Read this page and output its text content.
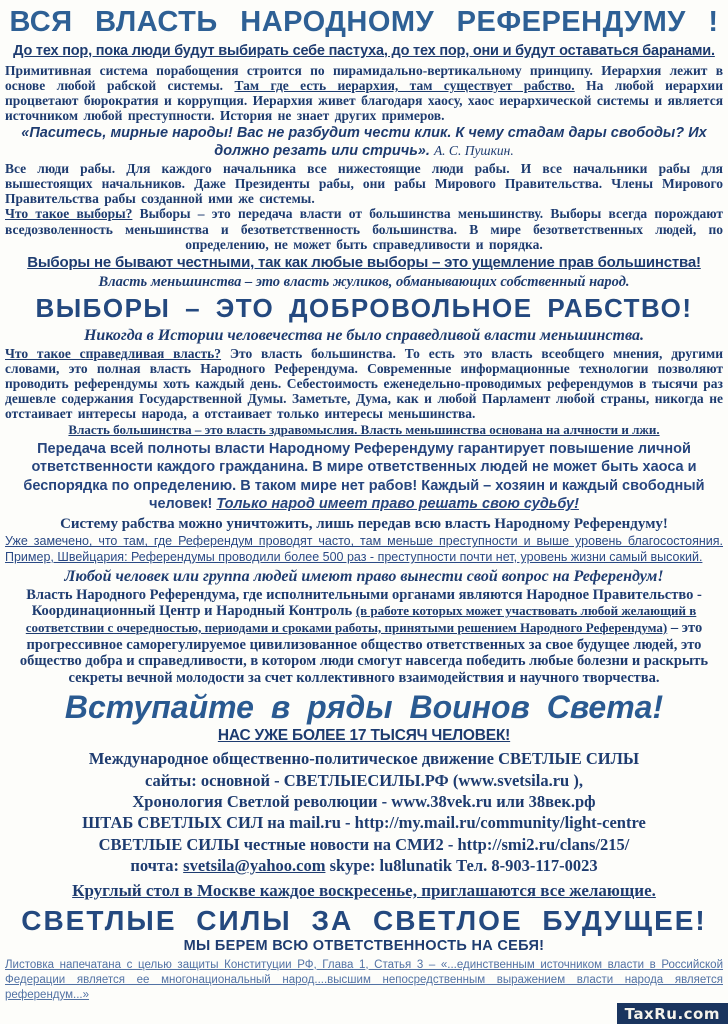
ВСЯ ВЛАСТЬ НАРОДНОМУ РЕФЕРЕНДУМУ !

До тех пор, пока люди будут выбирать себе пастуха, до тех пор, они и будут оставаться баранами.

Примитивная система порабощения строится по пирамидально-вертикальному принципу. Иерархия лежит в основе любой рабской системы. Там где есть иерархия, там существует рабство. На любой иерархии процветают бюрократия и коррупция. Иерархия живет благодаря хаосу, хаос иерархической системы и является источником любой преступности. История не знает других примеров.

«Паситесь, мирные народы! Вас не разбудит чести клик. К чему стадам дары свободы? Их должно резать или стричь». А. С. Пушкин.

Все люди рабы. Для каждого начальника все нижестоящие люди рабы. И все начальники рабы для вышестоящих начальников. Даже Президенты рабы, они рабы Мирового Правительства. Члены Мирового Правительства рабы созданной ими же системы.

Что такое выборы? Выборы – это передача власти от большинства меньшинству. Выборы всегда порождают вседозволенность меньшинства и безответственность большинства. В мире безответственных людей, по определению, не может быть справедливости и порядка.

Выборы не бывают честными, так как любые выборы – это ущемление прав большинства!

Власть меньшинства – это власть жуликов, обманывающих собственный народ.

ВЫБОРЫ – ЭТО ДОБРОВОЛЬНОЕ РАБСТВО!

Никогда в Истории человечества не было справедливой власти меньшинства.

Что такое справедливая власть? Это власть большинства. То есть это власть всеобщего мнения, другими словами, это полная власть Народного Референдума. Современные информационные технологии позволяют проводить референдумы хоть каждый день. Себестоимость еженедельно-проводимых референдумов в тысячи раз дешевле содержания Государственной Думы. Заметьте, Дума, как и любой Парламент любой страны, никогда не отстаивает интересы народа, а отстаивает только интересы меньшинства.

Власть большинства – это власть здравомыслия. Власть меньшинства основана на алчности и лжи.

Передача всей полноты власти Народному Референдуму гарантирует повышение личной ответственности каждого гражданина. В мире ответственных людей не может быть хаоса и беспорядка по определению. В таком мире нет рабов! Каждый – хозяин и каждый свободный человек! Только народ имеет право решать свою судьбу!

Систему рабства можно уничтожить, лишь передав всю власть Народному Референдуму!

Уже замечено, что там, где Референдум проводят часто, там меньше преступности и выше уровень благосостояния. Пример, Швейцария: Референдумы проводили более 500 раз - преступности почти нет, уровень жизни самый высокий.

Любой человек или группа людей имеют право вынести свой вопрос на Референдум!

Власть Народного Референдума, где исполнительными органами являются Народное Правительство - Координационный Центр и Народный Контроль (в работе которых может участвовать любой желающий в соответствии с очередностью, периодами и сроками работы, принятыми решением Народного Референдума) – это прогрессивное саморегулируемое цивилизованное общество ответственных за свое будущее людей, это общество добра и справедливости, в котором люди смогут навсегда победить любые болезни и раскрыть секреты вечной молодости за счет коллективного взаимодействия и научного творчества.

Вступайте в ряды Воинов Света!

НАС УЖЕ БОЛЕЕ 17 ТЫСЯЧ ЧЕЛОВЕК!

Международное общественно-политическое движение СВЕТЛЫЕ СИЛЫ

сайты: основной - СВЕТЛЫЕСИЛЫ.РФ (www.svetsila.ru ),

Хронология Светлой революции - www.38vek.ru или 38век.рф

ШТАБ СВЕТЛЫХ СИЛ на mail.ru - http://my.mail.ru/community/light-centre

СВЕТЛЫЕ СИЛЫ честные новости на СМИ2 - http://smi2.ru/clans/215/

почта: svetsila@yahoo.com skype: lu8lunatik Тел. 8-903-117-0023

Круглый стол в Москве каждое воскресенье, приглашаются все желающие.

СВЕТЛЫЕ СИЛЫ ЗА СВЕТЛОЕ БУДУЩЕЕ!

МЫ БЕРЕМ ВСЮ ОТВЕТСТВЕННОСТЬ НА СЕБЯ!

Листовка напечатана с целью защиты Конституции РФ, Глава 1, Статья 3 – «...единственным источником власти в Российской Федерации является ее многонациональный народ....высшим непосредственным выражением власти народа является референдум...»

TaxRu.com
